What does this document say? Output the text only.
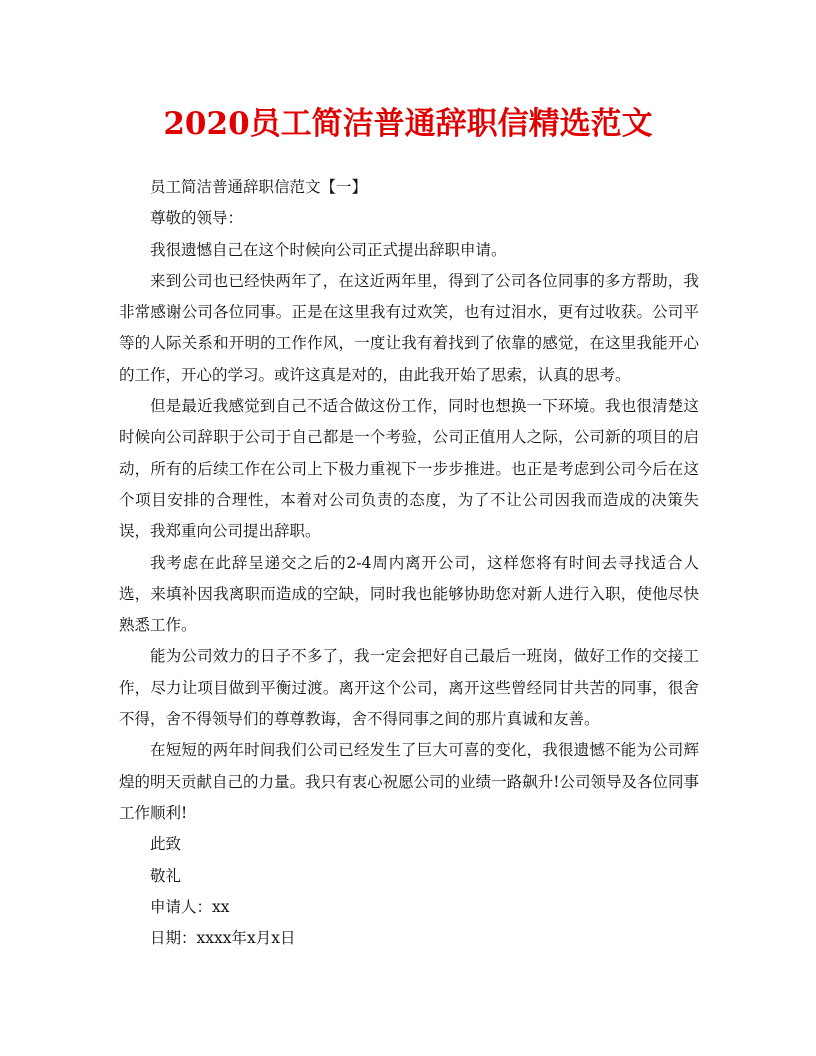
2020员工简洁普通辞职信精选范文

员工简洁普通辞职信范文【一】

尊敬的领导：

我很遗憾自己在这个时候向公司正式提出辞职申请。

来到公司也已经快两年了，在这近两年里，得到了公司各位同事的多方帮助，我非常感谢公司各位同事。正是在这里我有过欢笑，也有过泪水，更有过收获。公司平等的人际关系和开明的工作作风，一度让我有着找到了依靠的感觉，在这里我能开心的工作，开心的学习。或许这真是对的，由此我开始了思索，认真的思考。

但是最近我感觉到自己不适合做这份工作，同时也想换一下环境。我也很清楚这时候向公司辞职于公司于自己都是一个考验，公司正值用人之际，公司新的项目的启动，所有的后续工作在公司上下极力重视下一步步推进。也正是考虑到公司今后在这个项目安排的合理性，本着对公司负责的态度，为了不让公司因我而造成的决策失误，我郑重向公司提出辞职。

我考虑在此辞呈递交之后的2-4周内离开公司，这样您将有时间去寻找适合人选，来填补因我离职而造成的空缺，同时我也能够协助您对新人进行入职，使他尽快熟悉工作。

能为公司效力的日子不多了，我一定会把好自己最后一班岗，做好工作的交接工作，尽力让项目做到平衡过渡。离开这个公司，离开这些曾经同甘共苦的同事，很舍不得，舍不得领导们的尊尊教诲，舍不得同事之间的那片真诚和友善。

在短短的两年时间我们公司已经发生了巨大可喜的变化，我很遗憾不能为公司辉煌的明天贡献自己的力量。我只有衷心祝愿公司的业绩一路飙升!公司领导及各位同事工作顺利!

此致

敬礼

申请人：xx

日期：xxxx年x月x日
